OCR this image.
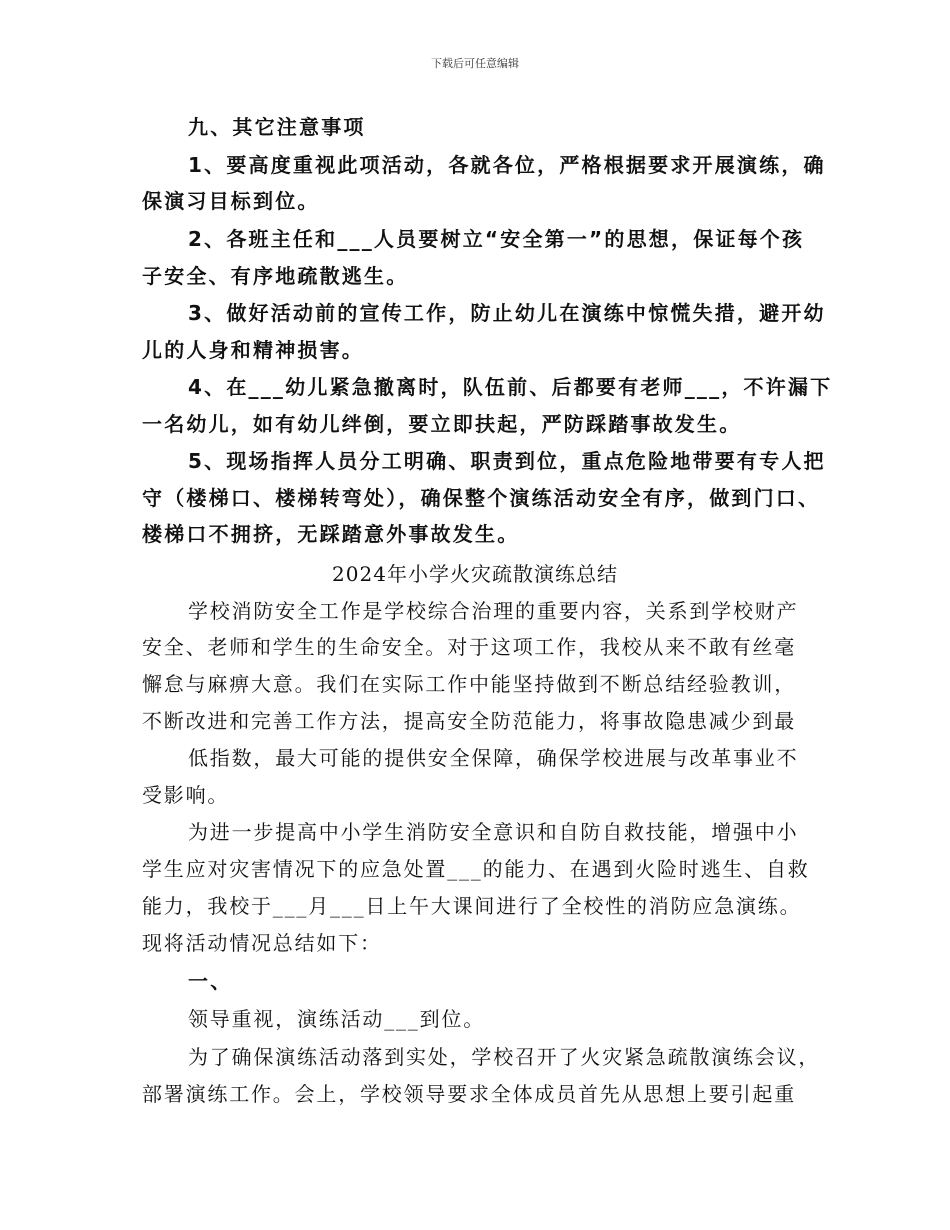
下载后可任意编辑
九、其它注意事项
1、要高度重视此项活动，各就各位，严格根据要求开展演练，确
保演习目标到位。
2、各班主任和___人员要树立“安全第一”的思想，保证每个孩
子安全、有序地疏散逃生。
3、做好活动前的宣传工作，防止幼儿在演练中惊慌失措，避开幼
儿的人身和精神损害。
4、在___幼儿紧急撤离时，队伍前、后都要有老师___，不许漏下
一名幼儿，如有幼儿绊倒，要立即扶起，严防踩踏事故发生。
5、现场指挥人员分工明确、职责到位，重点危险地带要有专人把
守（楼梯口、楼梯转弯处），确保整个演练活动安全有序，做到门口、
楼梯口不拥挤，无踩踏意外事故发生。
2024年小学火灾疏散演练总结
学校消防安全工作是学校综合治理的重要内容，关系到学校财产
安全、老师和学生的生命安全。对于这项工作，我校从来不敢有丝毫
懈怠与麻痹大意。我们在实际工作中能坚持做到不断总结经验教训，
不断改进和完善工作方法，提高安全防范能力，将事故隐患减少到最
低指数，最大可能的提供安全保障，确保学校进展与改革事业不
受影响。
为进一步提高中小学生消防安全意识和自防自救技能，增强中小
学生应对灾害情况下的应急处置___的能力、在遇到火险时逃生、自救
能力，我校于___月___日上午大课间进行了全校性的消防应急演练。
现将活动情况总结如下：
一、
领导重视，演练活动___到位。
为了确保演练活动落到实处，学校召开了火灾紧急疏散演练会议，
部署演练工作。会上，学校领导要求全体成员首先从思想上要引起重
